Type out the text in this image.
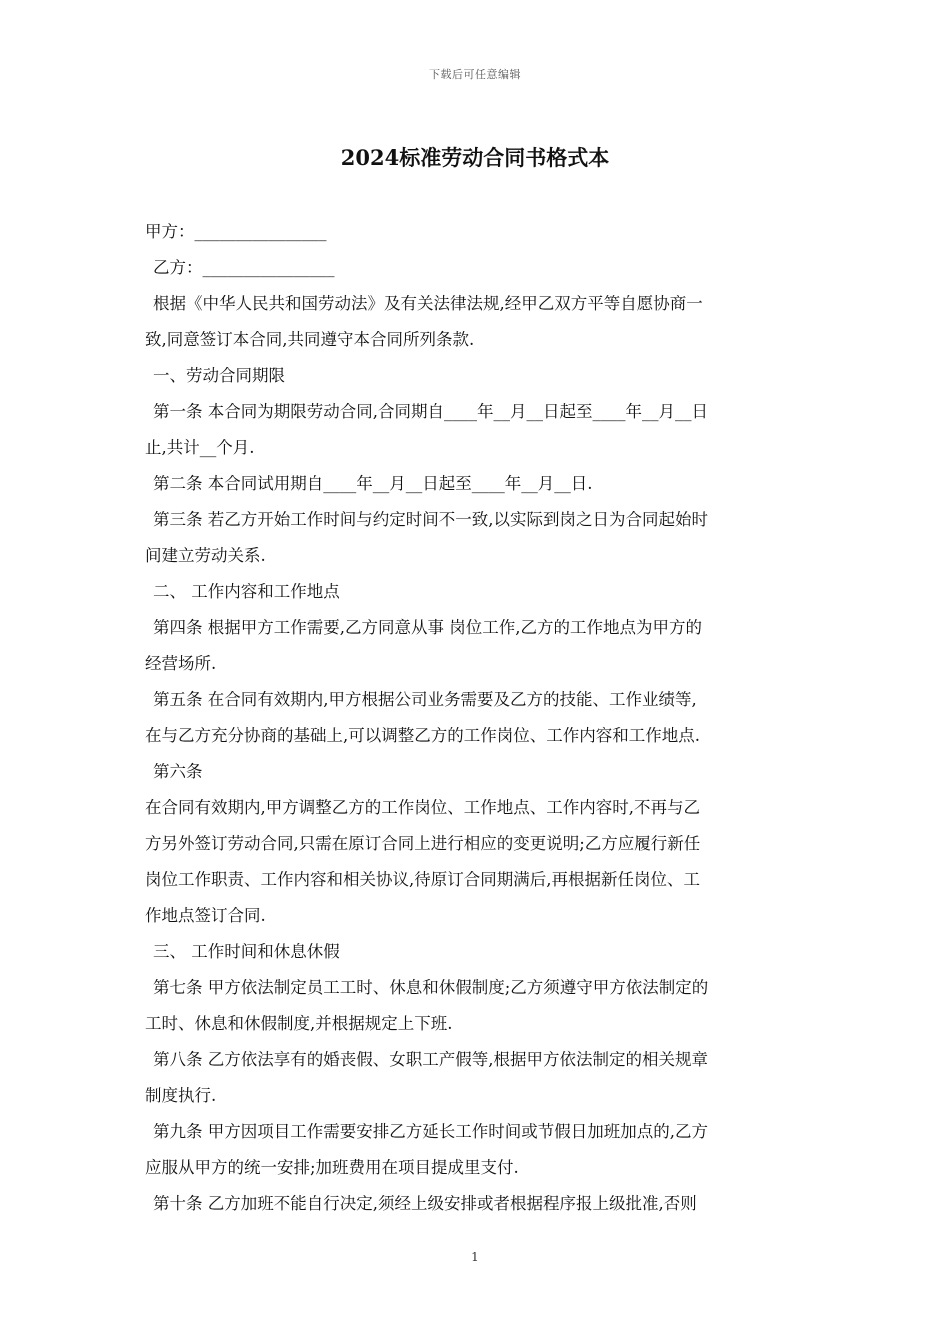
下载后可任意编辑
2024标准劳动合同书格式本
甲方：________________
乙方：________________
根据《中华人民共和国劳动法》及有关法律法规,经甲乙双方平等自愿协商一
致,同意签订本合同,共同遵守本合同所列条款.
一、劳动合同期限
第一条 本合同为期限劳动合同,合同期自____年__月__日起至____年__月__日
止,共计__个月.
第二条 本合同试用期自____年__月__日起至____年__月__日.
第三条 若乙方开始工作时间与约定时间不一致,以实际到岗之日为合同起始时
间建立劳动关系.
二、 工作内容和工作地点
第四条 根据甲方工作需要,乙方同意从事 岗位工作,乙方的工作地点为甲方的
经营场所.
第五条 在合同有效期内,甲方根据公司业务需要及乙方的技能、工作业绩等,
在与乙方充分协商的基础上,可以调整乙方的工作岗位、工作内容和工作地点.
第六条
在合同有效期内,甲方调整乙方的工作岗位、工作地点、工作内容时,不再与乙
方另外签订劳动合同,只需在原订合同上进行相应的变更说明;乙方应履行新任
岗位工作职责、工作内容和相关协议,待原订合同期满后,再根据新任岗位、工
作地点签订合同.
三、 工作时间和休息休假
第七条 甲方依法制定员工工时、休息和休假制度;乙方须遵守甲方依法制定的
工时、休息和休假制度,并根据规定上下班.
第八条 乙方依法享有的婚丧假、女职工产假等,根据甲方依法制定的相关规章
制度执行.
第九条 甲方因项目工作需要安排乙方延长工作时间或节假日加班加点的,乙方
应服从甲方的统一安排;加班费用在项目提成里支付.
第十条 乙方加班不能自行决定,须经上级安排或者根据程序报上级批准,否则
1
